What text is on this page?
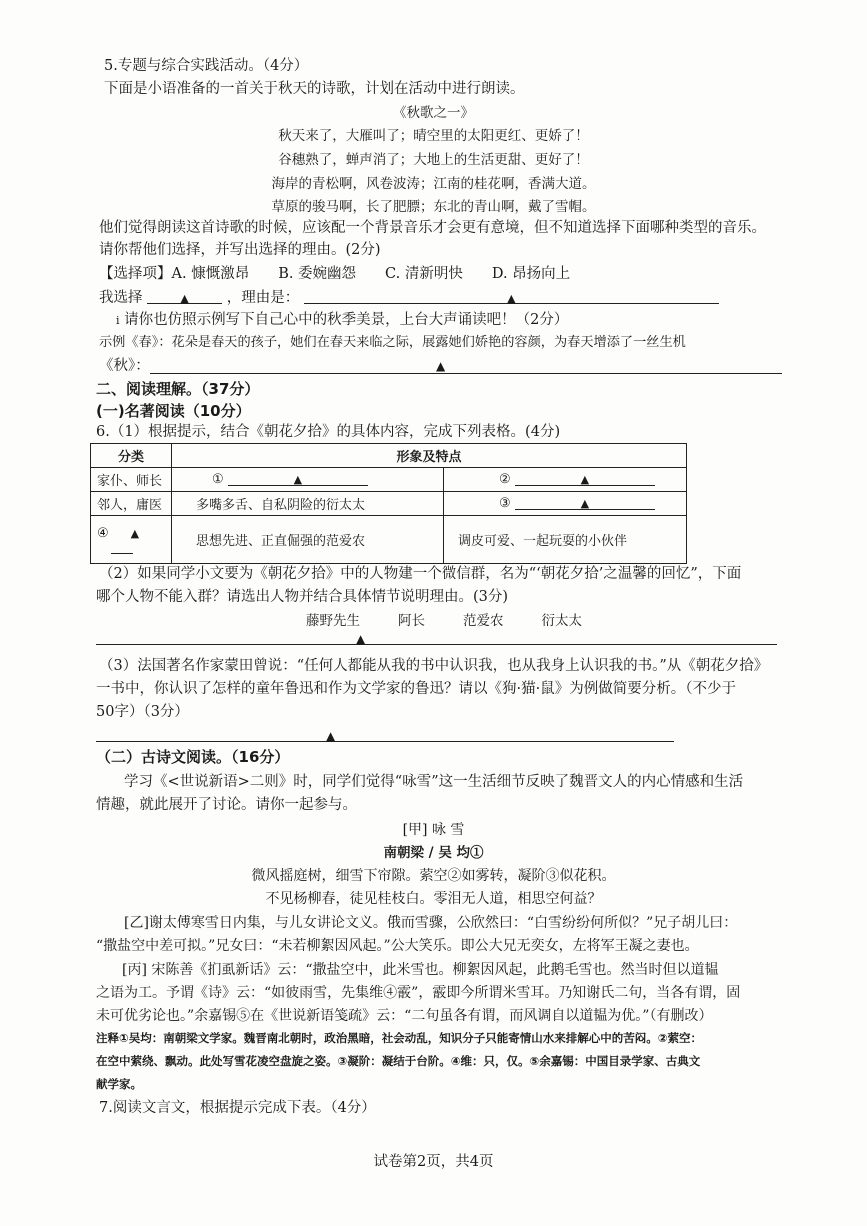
5.专题与综合实践活动。（4分）
下面是小语准备的一首关于秋天的诗歌，计划在活动中进行朗读。
《秋歌之一》
秋天来了，大雁叫了；晴空里的太阳更红、更娇了！
谷穗熟了，蝉声消了；大地上的生活更甜、更好了！
海岸的青松啊，风卷波涛；江南的桂花啊，香满大道。
草原的骏马啊，长了肥膘；东北的青山啊，戴了雪帽。
他们觉得朗读这首诗歌的时候，应该配一个背景音乐才会更有意境，但不知道选择下面哪种类型的音乐。
请你帮他们选择，并写出选择的理由。(2分)
【选择项】A. 慷慨激昂　　B. 委婉幽怨　　C. 清新明快　　D. 昂扬向上
我选择	▲	，理由是：	▲
ⅰ 请你也仿照示例写下自己心中的秋季美景，上台大声诵读吧！（2分）
示例《春》：花朵是春天的孩子，她们在春天来临之际，展露她们娇艳的容颜，为春天增添了一丝生机
《秋》：	▲
二、阅读理解。（37分）
(一)名著阅读（10分）
6.（1）根据提示，结合《朝花夕拾》的具体内容，完成下列表格。(4分)
分类	形象及特点	
家仆、师长	① ▲	② ▲
邻人，庸医	多嘴多舌、自私阴险的衍太太	③ ▲
④ ▲	思想先进、正直倔强的范爱农	调皮可爱、一起玩耍的小伙伴
（2）如果同学小文要为《朝花夕拾》中的人物建一个微信群，名为“‘朝花夕拾’之温馨的回忆”，下面
哪个人物不能入群？请选出人物并结合具体情节说明理由。(3分)
藤野先生	阿长	范爱农	衍太太
▲
（3）法国著名作家蒙田曾说：“任何人都能从我的书中认识我，也从我身上认识我的书。”从《朝花夕拾》
一书中，你认识了怎样的童年鲁迅和作为文学家的鲁迅？请以《狗·猫·鼠》为例做简要分析。（不少于
50字）（3分）
▲
（二）古诗文阅读。（16分）
学习《<世说新语>二则》时，同学们觉得“咏雪”这一生活细节反映了魏晋文人的内心情感和生活
情趣，就此展开了讨论。请你一起参与。
[甲] 咏 雪
南朝梁 / 吴 均①
微风摇庭树，细雪下帘隙。萦空②如雾转，凝阶③似花积。
不见杨柳春，徒见桂枝白。零泪无人道，相思空何益？
[乙]谢太傅寒雪日内集，与儿女讲论文义。俄而雪骤，公欣然曰：“白雪纷纷何所似？”兄子胡儿曰：
“撒盐空中差可拟。”兄女曰：“未若柳絮因风起。”公大笑乐。即公大兄无奕女，左将军王凝之妻也。
[丙] 宋陈善《扪虱新话》云：“撒盐空中，此米雪也。柳絮因风起，此鹅毛雪也。然当时但以道韫
之语为工。予谓《诗》云：“如彼雨雪，先集维④霰”，霰即今所谓米雪耳。乃知谢氏二句，当各有谓，固
未可优劣论也。”余嘉锡⑤在《世说新语笺疏》云：“二句虽各有谓，而风调自以道韫为优。”（有删改）
注释①吴均：南朝梁文学家。魏晋南北朝时，政治黑暗，社会动乱，知识分子只能寄情山水来排解心中的苦闷。②萦空：
在空中萦绕、飘动。此处写雪花凌空盘旋之姿。③凝阶：凝结于台阶。④维：只，仅。⑤余嘉锡：中国目录学家、古典文
献学家。
7.阅读文言文，根据提示完成下表。（4分）
试卷第2页，共4页
